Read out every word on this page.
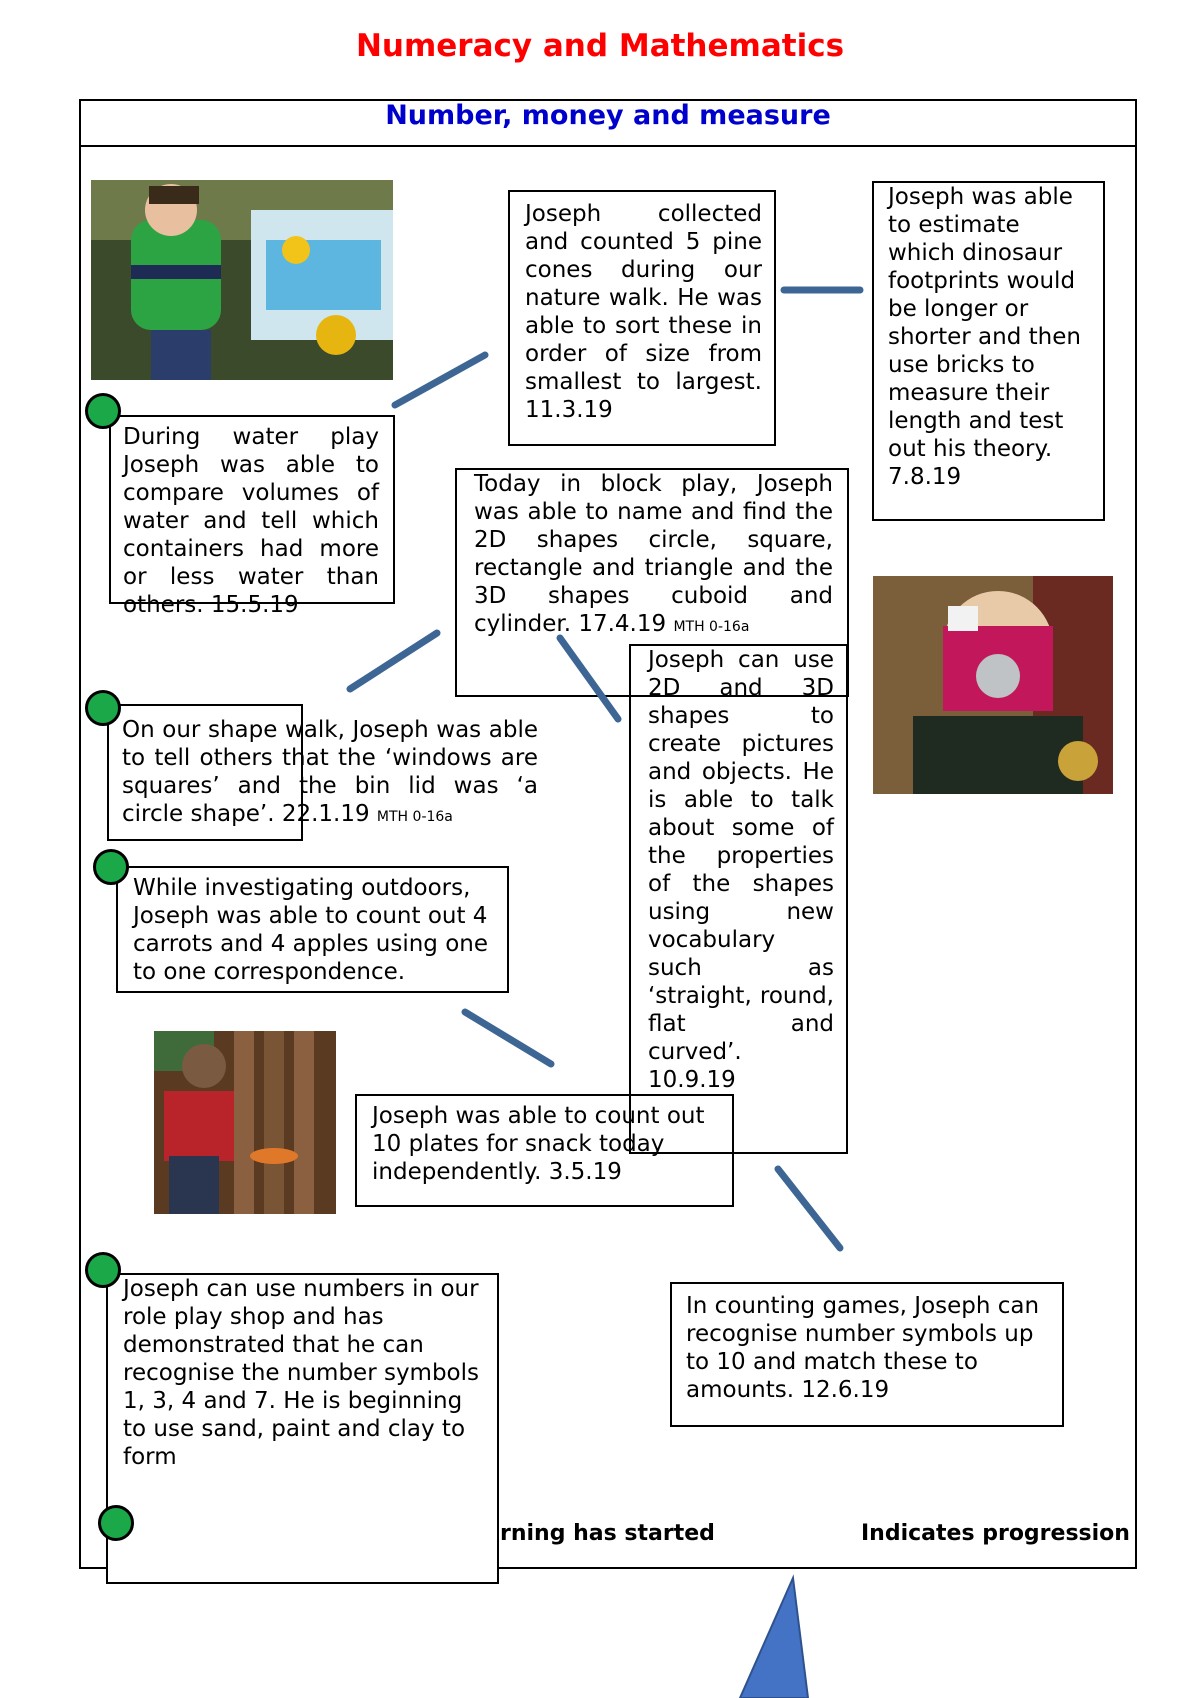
Numeracy and Mathematics
Number, money and measure
Joseph collected and counted 5 pine cones during our nature walk. He was able to sort these in order of size from smallest to largest. 11.3.19
Joseph was able to estimate which dinosaur footprints would be longer or shorter and then use bricks to measure their length and test out his theory. 7.8.19
During water play Joseph was able to compare volumes of water and tell which containers had more or less water than others. 15.5.19
Today in block play, Joseph was able to name and find the 2D shapes circle, square, rectangle and triangle and the 3D shapes cuboid and cylinder. 17.4.19 MTH 0-16a
Joseph can use 2D and 3D shapes to create pictures and objects. He is able to talk about some of the properties of the shapes using new vocabulary such as ‘straight, round, flat and curved’. 10.9.19
On our shape walk, Joseph was able to tell others that the ‘windows are squares’ and the bin lid was ‘a circle shape’. 22.1.19 MTH 0-16a
While investigating outdoors, Joseph was able to count out 4 carrots and 4 apples using one to one correspondence.
Joseph was able to count out 10 plates for snack today independently. 3.5.19
In counting games, Joseph can recognise number symbols up to 10 and match these to amounts. 12.6.19
Joseph can use numbers in our role play shop and has demonstrated that he can recognise the number symbols 1, 3, 4 and 7. He is beginning to use sand, paint and clay to form
rning has started	Indicates progression
